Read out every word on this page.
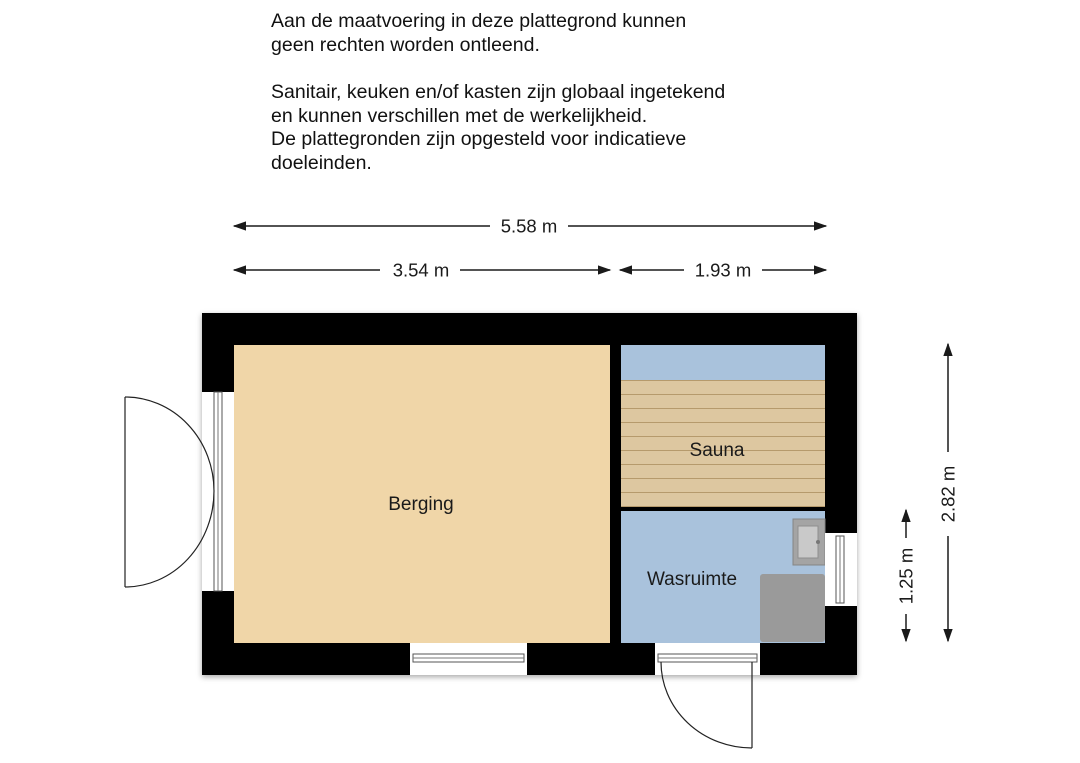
Aan de maatvoering in deze plattegrond kunnen
geen rechten worden ontleend.

Sanitair, keuken en/of kasten zijn globaal ingetekend
en kunnen verschillen met de werkelijkheid.
De plattegronden zijn opgesteld voor indicatieve
doeleinden.

5.58 m
3.54 m	1.93 m
2.82 m
1.25 m
Berging
Sauna
Wasruimte
